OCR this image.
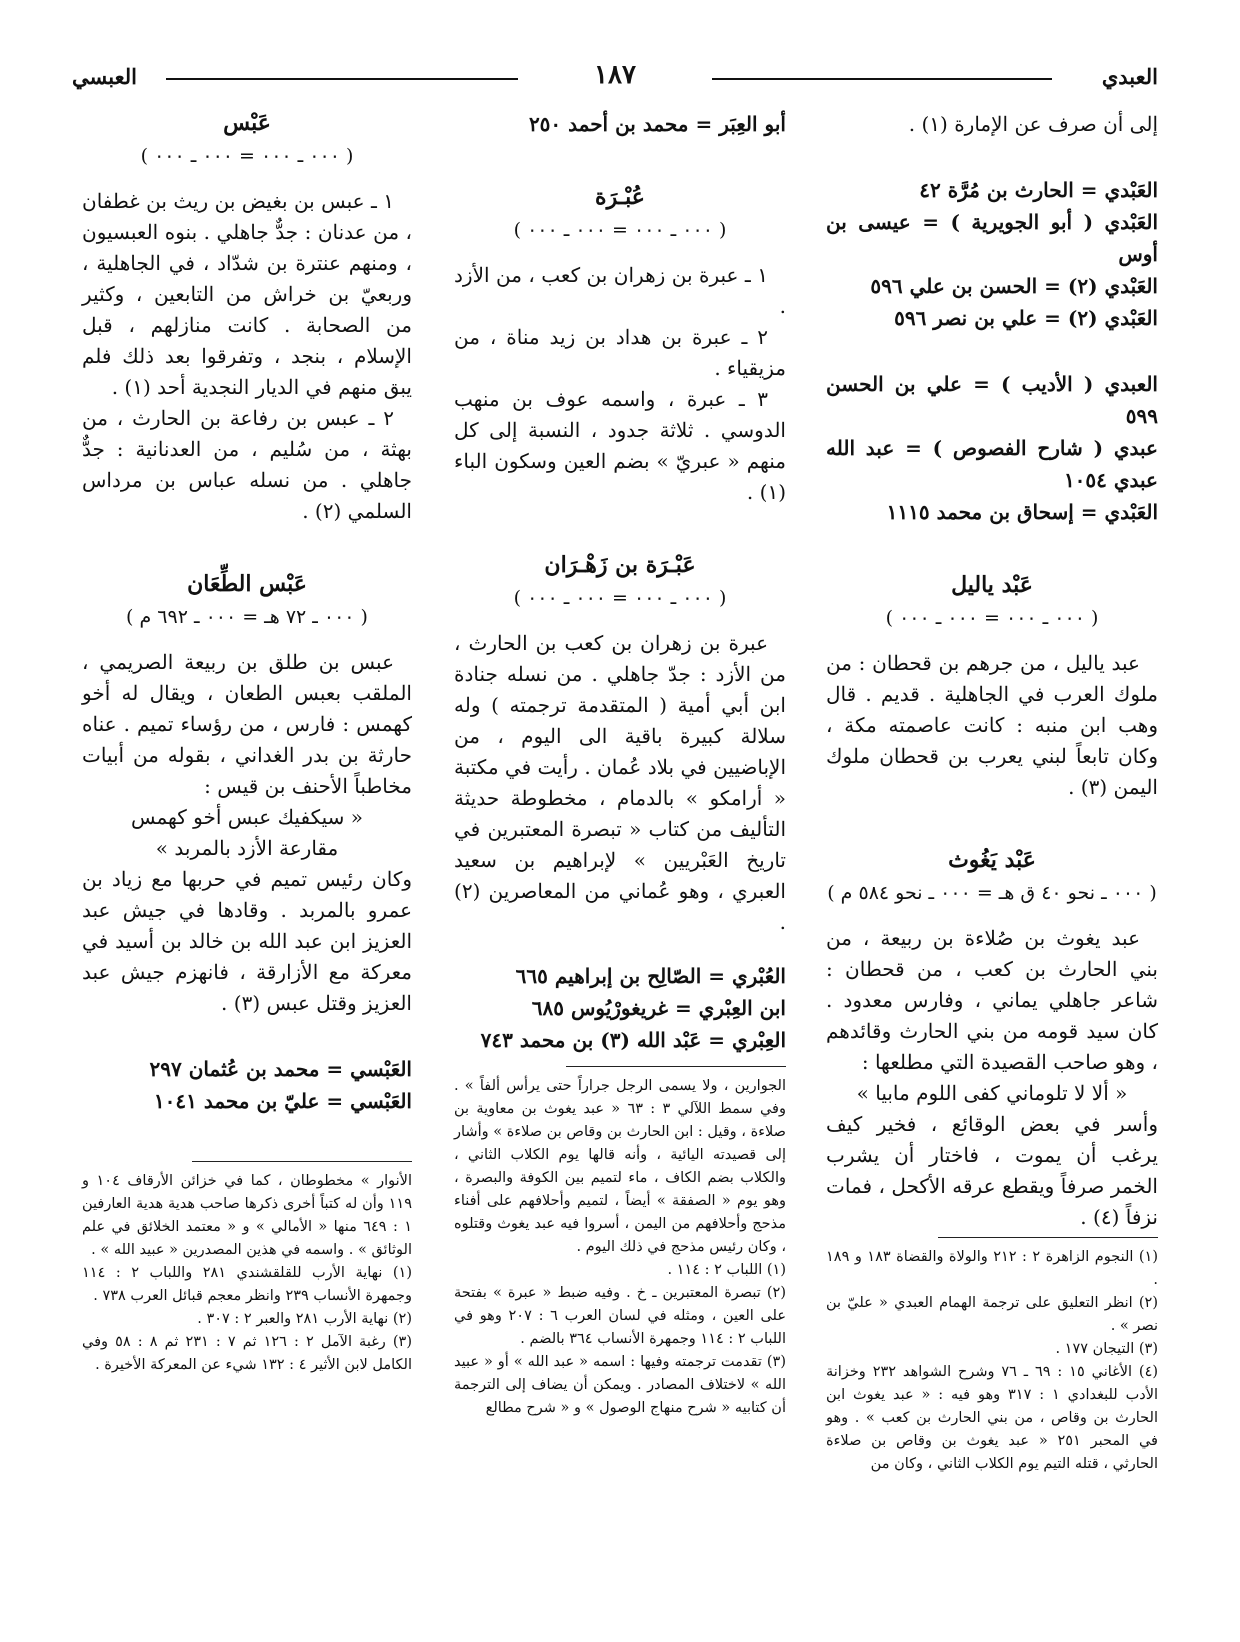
العبدي
١٨٧
العبسي

إلى أن صرف عن الإمارة (١) .

العَبْدي = الحارث بن مُرَّة ٤٢

العَبْدي ( أبو الجويرية ) = عيسى بن أوس

العَبْدي (٢) = الحسن بن علي ٥٩٦

العَبْدي (٢) = علي بن نصر ٥٩٦

العبدي ( الأديب ) = علي بن الحسن ٥٩٩

عبدي ( شارح الفصوص ) = عبد الله عبدي ١٠٥٤

العَبْدي = إسحاق بن محمد ١١١٥

عَبْد ياليل
( ٠٠٠ ـ ٠٠٠ = ٠٠٠ ـ ٠٠٠ )

عبد ياليل ، من جرهم بن قحطان : من ملوك العرب في الجاهلية . قديم . قال وهب ابن منبه : كانت عاصمته مكة ، وكان تابعاً لبني يعرب بن قحطان ملوك اليمن (٣) .

عَبْد يَغُوث
( ٠٠٠ ـ نحو ٤٠ ق هـ = ٠٠٠ ـ نحو ٥٨٤ م )

عبد يغوث بن صُلاءة بن ربيعة ، من بني الحارث بن كعب ، من قحطان : شاعر جاهلي يماني ، وفارس معدود . كان سيد قومه من بني الحارث وقائدهم ، وهو صاحب القصيدة التي مطلعها :

« ألا لا تلوماني كفى اللوم مابيا »

وأسر في بعض الوقائع ، فخير كيف يرغب أن يموت ، فاختار أن يشرب الخمر صرفاً ويقطع عرقه الأكحل ، فمات نزفاً (٤) .

(١) النجوم الزاهرة ٢ : ٢١٢ والولاة والقضاة ١٨٣ و ١٨٩ .

(٢) انظر التعليق على ترجمة الهمام العبدي « عليّ بن نصر » .

(٣) التيجان ١٧٧ .

(٤) الأغاني ١٥ : ٦٩ ـ ٧٦ وشرح الشواهد ٢٣٢ وخزانة الأدب للبغدادي ١ : ٣١٧ وهو فيه : « عبد يغوث ابن الحارث بن وقاص ، من بني الحارث بن كعب » . وهو في المحبر ٢٥١ « عبد يغوث بن وقاص بن صلاءة الحارثي ، قتله التيم يوم الكلاب الثاني ، وكان من

أبو العِبَر = محمد بن أحمد ٢٥٠

عُبْـرَة
( ٠٠٠ ـ ٠٠٠ = ٠٠٠ ـ ٠٠٠ )

١ ـ عبرة بن زهران بن كعب ، من الأزد .

٢ ـ عبرة بن هداد بن زيد مناة ، من مزيقياء .

٣ ـ عبرة ، واسمه عوف بن منهب الدوسي . ثلاثة جدود ، النسبة إلى كل منهم « عبريّ » بضم العين وسكون الباء (١) .

عَبْـرَة بن زَهْـرَان
( ٠٠٠ ـ ٠٠٠ = ٠٠٠ ـ ٠٠٠ )

عبرة بن زهران بن كعب بن الحارث ، من الأزد : جدّ جاهلي . من نسله جنادة ابن أبي أمية ( المتقدمة ترجمته ) وله سلالة كبيرة باقية الى اليوم ، من الإباضيين في بلاد عُمان . رأيت في مكتبة « أرامكو » بالدمام ، مخطوطة حديثة التأليف من كتاب « تبصرة المعتبرين في تاريخ العَبْريين » لإبراهيم بن سعيد العبري ، وهو عُماني من المعاصرين (٢) .

العُبْري = الصّالِح بن إبراهيم ٦٦٥

ابن العِبْري = غريغورْيُوس ٦٨٥

العِبْري = عَبْد الله (٣) بن محمد ٧٤٣

الجوارين ، ولا يسمى الرجل جراراً حتى يرأس ألفاً » . وفي سمط اللآلي ٣ : ٦٣ « عبد يغوث بن معاوية بن صلاءة ، وقيل : ابن الحارث بن وقاص بن صلاءة » وأشار إلى قصيدته اليائية ، وأنه قالها يوم الكلاب الثاني ، والكلاب بضم الكاف ، ماء لتميم بين الكوفة والبصرة ، وهو يوم « الصفقة » أيضاً ، لتميم وأحلافهم على أفناء مذحج وأحلافهم من اليمن ، أسروا فيه عبد يغوث وقتلوه ، وكان رئيس مذحج في ذلك اليوم .

(١) اللباب ٢ : ١١٤ .

(٢) تبصرة المعتبرين ـ خ . وفيه ضبط « عبرة » بفتحة على العين ، ومثله في لسان العرب ٦ : ٢٠٧ وهو في اللباب ٢ : ١١٤ وجمهرة الأنساب ٣٦٤ بالضم .

(٣) تقدمت ترجمته وفيها : اسمه « عبد الله » أو « عبيد الله » لاختلاف المصادر . ويمكن أن يضاف إلى الترجمة أن كتابيه « شرح منهاج الوصول » و « شرح مطالع

عَبْس
( ٠٠٠ ـ ٠٠٠ = ٠٠٠ ـ ٠٠٠ )

١ ـ عبس بن بغيض بن ريث بن غطفان ، من عدنان : جدٌّ جاهلي . بنوه العبسيون ، ومنهم عنترة بن شدّاد ، في الجاهلية ، وربعيّ بن خراش من التابعين ، وكثير من الصحابة . كانت منازلهم ، قبل الإسلام ، بنجد ، وتفرقوا بعد ذلك فلم يبق منهم في الديار النجدية أحد (١) .

٢ ـ عبس بن رفاعة بن الحارث ، من بهثة ، من سُليم ، من العدنانية : جدٌّ جاهلي . من نسله عباس بن مرداس السلمي (٢) .

عَبْس الطِّعَان
( ٠٠٠ ـ ٧٢ هـ = ٠٠٠ ـ ٦٩٢ م )

عبس بن طلق بن ربيعة الصريمي ، الملقب بعبس الطعان ، ويقال له أخو كهمس : فارس ، من رؤساء تميم . عناه حارثة بن بدر الغداني ، بقوله من أبيات مخاطباً الأحنف بن قيس :

« سيكفيك عبس أخو كهمس

مقارعة الأزد بالمربد »

وكان رئيس تميم في حربها مع زياد بن عمرو بالمربد . وقادها في جيش عبد العزيز ابن عبد الله بن خالد بن أسيد في معركة مع الأزارقة ، فانهزم جيش عبد العزيز وقتل عبس (٣) .

العَبْسي = محمد بن عُثمان ٢٩٧

العَبْسي = عليّ بن محمد ١٠٤١

الأنوار » مخطوطان ، كما في خزائن الأرقاف ١٠٤ و ١١٩ وأن له كتباً أخرى ذكرها صاحب هدية هدية العارفين ١ : ٦٤٩ منها « الأمالي » و « معتمد الخلائق في علم الوثائق » . واسمه في هذين المصدرين « عبيد الله » .

(١) نهاية الأرب للقلقشندي ٢٨١ واللباب ٢ : ١١٤ وجمهرة الأنساب ٢٣٩ وانظر معجم قبائل العرب ٧٣٨ .

(٢) نهاية الأرب ٢٨١ والعبر ٢ : ٣٠٧ .

(٣) رغبة الآمل ٢ : ١٢٦ ثم ٧ : ٢٣١ ثم ٨ : ٥٨ وفي الكامل لابن الأثير ٤ : ١٣٢ شيء عن المعركة الأخيرة .
